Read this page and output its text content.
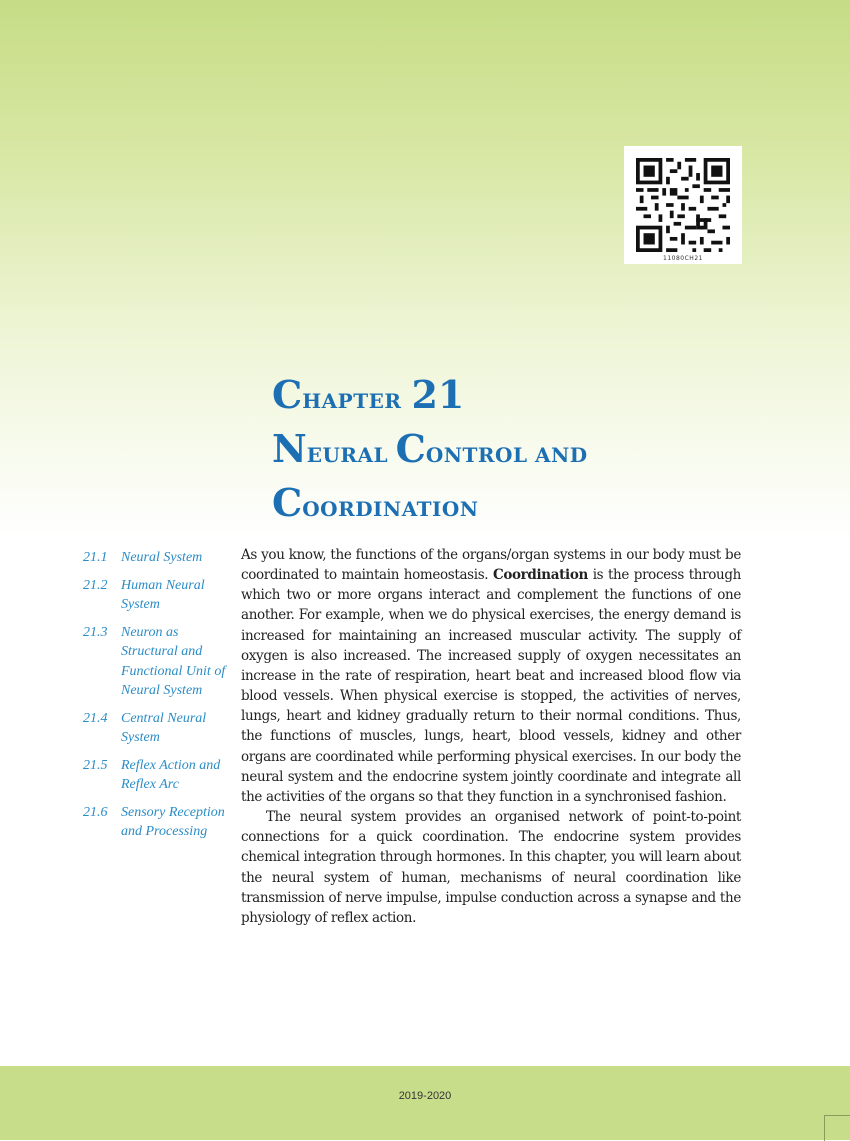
11080CH21
CHAPTER 21
NEURAL CONTROL AND
COORDINATION
21.1 Neural System
21.2 Human Neural System
21.3 Neuron as Structural and Functional Unit of Neural System
21.4 Central Neural System
21.5 Reflex Action and Reflex Arc
21.6 Sensory Reception and Processing

As you know, the functions of the organs/organ systems in our body must be coordinated to maintain homeostasis. Coordination is the process through which two or more organs interact and complement the functions of one another. For example, when we do physical exercises, the energy demand is increased for maintaining an increased muscular activity. The supply of oxygen is also increased. The increased supply of oxygen necessitates an increase in the rate of respiration, heart beat and increased blood flow via blood vessels. When physical exercise is stopped, the activities of nerves, lungs, heart and kidney gradually return to their normal conditions. Thus, the functions of muscles, lungs, heart, blood vessels, kidney and other organs are coordinated while performing physical exercises. In our body the neural system and the endocrine system jointly coordinate and integrate all the activities of the organs so that they function in a synchronised fashion.

The neural system provides an organised network of point-to-point connections for a quick coordination. The endocrine system provides chemical integration through hormones. In this chapter, you will learn about the neural system of human, mechanisms of neural coordination like transmission of nerve impulse, impulse conduction across a synapse and the physiology of reflex action.

2019-2020
